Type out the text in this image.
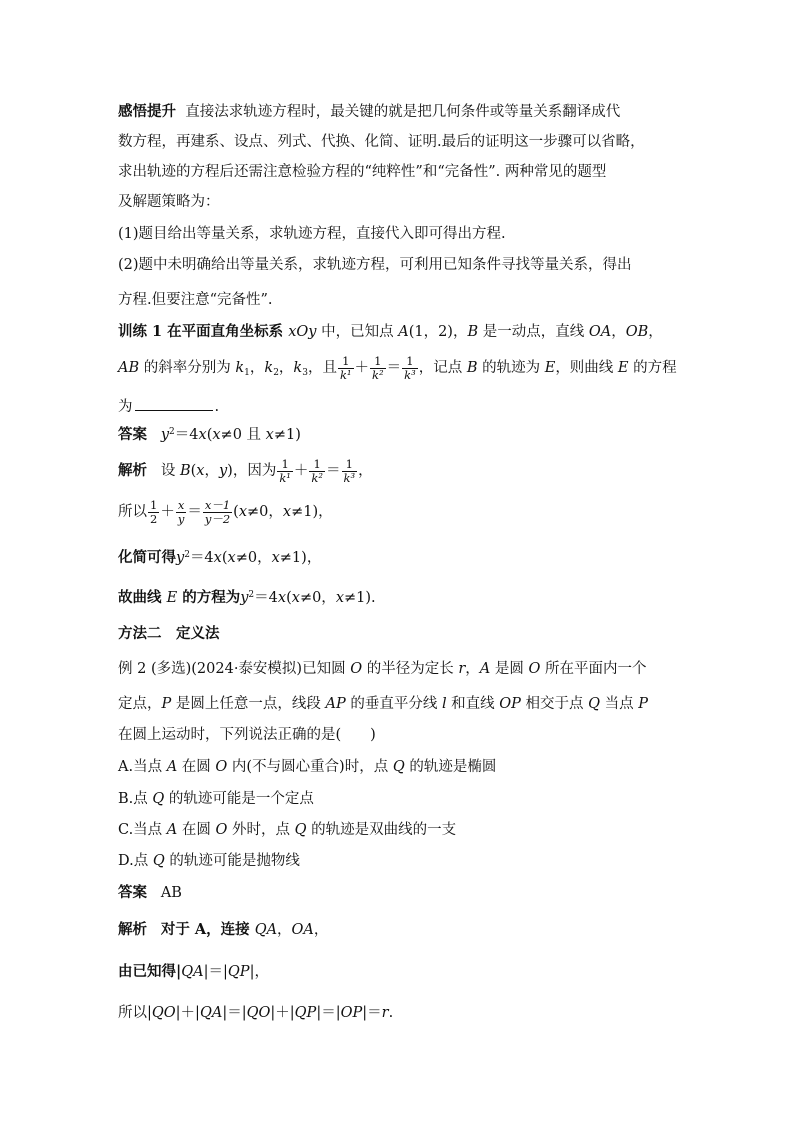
感悟提升 直接法求轨迹方程时，最关键的就是把几何条件或等量关系翻译成代
数方程，再建系、设点、列式、代换、化简、证明.最后的证明这一步骤可以省略，
求出轨迹的方程后还需注意检验方程的“纯粹性”和“完备性”. 两种常见的题型
及解题策略为：
(1)题目给出等量关系，求轨迹方程，直接代入即可得出方程.
(2)题中未明确给出等量关系，求轨迹方程，可利用已知条件寻找等量关系，得出
方程.但要注意“完备性”.
训练 1 在平面直角坐标系 xOy 中，已知点 A(1，2)，B 是一动点，直线 OA，OB，
AB 的斜率分别为 $k_1$，$k_2$，$k_3$，且 $\frac{1}{\text{k¹}} + \frac{1}{\text{k²}} = \frac{1}{\text{k³}}$ ，记点 B 的轨迹为 E，则曲线 E 的方程
为	.
答案 $y^2=4x(x\ne 0$ 且 x≠1)
解析 设 B(x，y)，因为 $\frac{1}{\text{k¹}} + \frac{1}{\text{k²}} = \frac{1}{\text{k³}}$ ，
所以 $\frac{1}{2} + \frac{x}{y} = \frac{x-1}{y-2} (x\ne 0$，x≠1)，
化简可得$y^2=4x(x\ne 0$，x≠1)，
故曲线 E 的方程为$y^2=4x(x\ne 0$，x≠1).
方法二　定义法
例 2 (多选)(2024·泰安模拟)已知圆 O 的半径为定长 r，A 是圆 O 所在平面内一个
定点，P 是圆上任意一点，线段 AP 的垂直平分线 l 和直线 OP 相交于点 Q 当点 P
在圆上运动时，下列说法正确的是(　　)
A.当点 A 在圆 O 内(不与圆心重合)时，点 Q 的轨迹是椭圆
B.点 Q 的轨迹可能是一个定点
C.当点 A 在圆 O 外时，点 Q 的轨迹是双曲线的一支
D.点 Q 的轨迹可能是抛物线
答案 AB
解析 对于 A，连接 QA，OA，
由已知得|QA|＝|QP|，
所以|QO|＋|QA|＝|QO|＋|QP|＝|OP|＝r.
